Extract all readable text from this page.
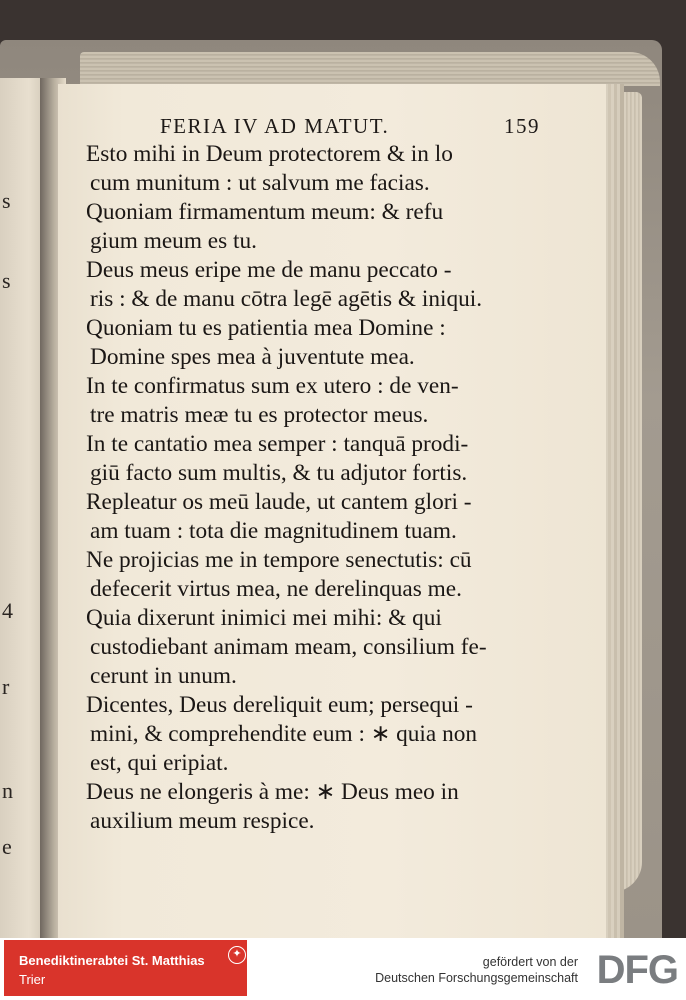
s
s
4
r
n
e
FERIA IV AD MATUT.	159
Esto mihi in Deum protectorem & in lo
cum munitum : ut salvum me facias.
Quoniam firmamentum meum: & refu
gium meum es tu.
Deus meus eripe me de manu peccato -
ris : & de manu cōtra legē agētis & iniqui.
Quoniam tu es patientia mea Domine :
Domine spes mea à juventute mea.
In te confirmatus sum ex utero : de ven-
tre matris meæ tu es protector meus.
In te cantatio mea semper : tanquā prodi-
giū facto sum multis, & tu adjutor fortis.
Repleatur os meū laude, ut cantem glori -
am tuam : tota die magnitudinem tuam.
Ne projicias me in tempore senectutis: cū
defecerit virtus mea, ne derelinquas me.
Quia dixerunt inimici mei mihi: & qui
custodiebant animam meam, consilium fe-
cerunt in unum.
Dicentes, Deus dereliquit eum; persequi -
mini, & comprehendite eum : ∗ quia non
est, qui eripiat.
Deus ne elongeris à me: ∗ Deus meo in
auxilium meum respice.
Benediktinerabtei St. Matthias
Trier
✦
gefördert von der
Deutschen Forschungsgemeinschaft DFG
